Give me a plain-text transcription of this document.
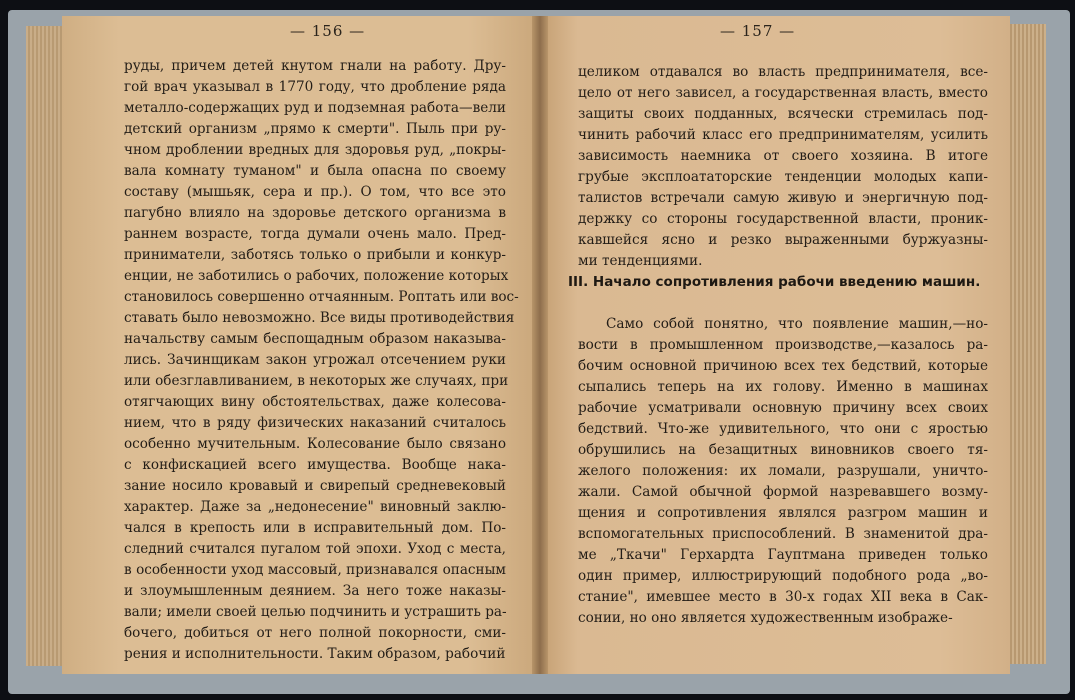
— 156 —	— 157 —
руды, причем детей кнутом гнали на работу. Дру-
гой врач указывал в 1770 году, что дробление ряда
металло-содержащих руд и подземная работа—вели
детский организм „прямо к смерти". Пыль при ру-
чном дроблении вредных для здоровья руд, „покры-
вала комнату туманом" и была опасна по своему
составу (мышьяк, сера и пр.). О том, что все это
пагубно влияло на здоровье детского организма в
раннем возрасте, тогда думали очень мало. Пред-
приниматели, заботясь только о прибыли и конкур-
енции, не заботились о рабочих, положение которых
становилось совершенно отчаянным. Роптать или вос-
ставать было невозможно. Все виды противодействия
начальству самым беспощадным образом наказыва-
лись. Зачинщикам закон угрожал отсечением руки
или обезглавливанием, в некоторых же случаях, при
отягчающих вину обстоятельствах, даже колесова-
нием, что в ряду физических наказаний считалось
особенно мучительным. Колесование было связано
с конфискацией всего имущества. Вообще нака-
зание носило кровавый и свирепый средневековый
характер. Даже за „недонесение" виновный заклю-
чался в крепость или в исправительный дом. По-
следний считался пугалом той эпохи. Уход с места,
в особенности уход массовый, признавался опасным
и злоумышленным деянием. За него тоже наказы-
вали; имели своей целью подчинить и устрашить ра-
бочего, добиться от него полной покорности, сми-
рения и исполнительности. Таким образом, рабочий
целиком отдавался во власть предпринимателя, все-
цело от него зависел, а государственная власть, вместо
защиты своих подданных, всячески стремилась под-
чинить рабочий класс его предпринимателям, усилить
зависимость наемника от своего хозяина. В итоге
грубые эксплоататорские тенденции молодых капи-
талистов встречали самую живую и энергичную под-
держку со стороны государственной власти, проник-
кавшейся ясно и резко выраженными буржуазны-
ми тенденциями.
III. Начало сопротивления рабочи введению машин.
Само собой понятно, что появление машин,—но-
вости в промышленном производстве,—казалось ра-
бочим основной причиною всех тех бедствий, которые
сыпались теперь на их голову. Именно в машинах
рабочие усматривали основную причину всех своих
бедствий. Что-же удивительного, что они с яростью
обрушились на безащитных виновников своего тя-
желого положения: их ломали, разрушали, уничто-
жали. Самой обычной формой назревавшего возму-
щения и сопротивления являлся разгром машин и
вспомогательных приспособлений. В знаменитой дра-
ме „Ткачи" Герхардта Гауптмана приведен только
один пример, иллюстрирующий подобного рода „во-
стание", имевшее место в 30-х годах XII века в Сак-
сонии, но оно является художественным изображе-
